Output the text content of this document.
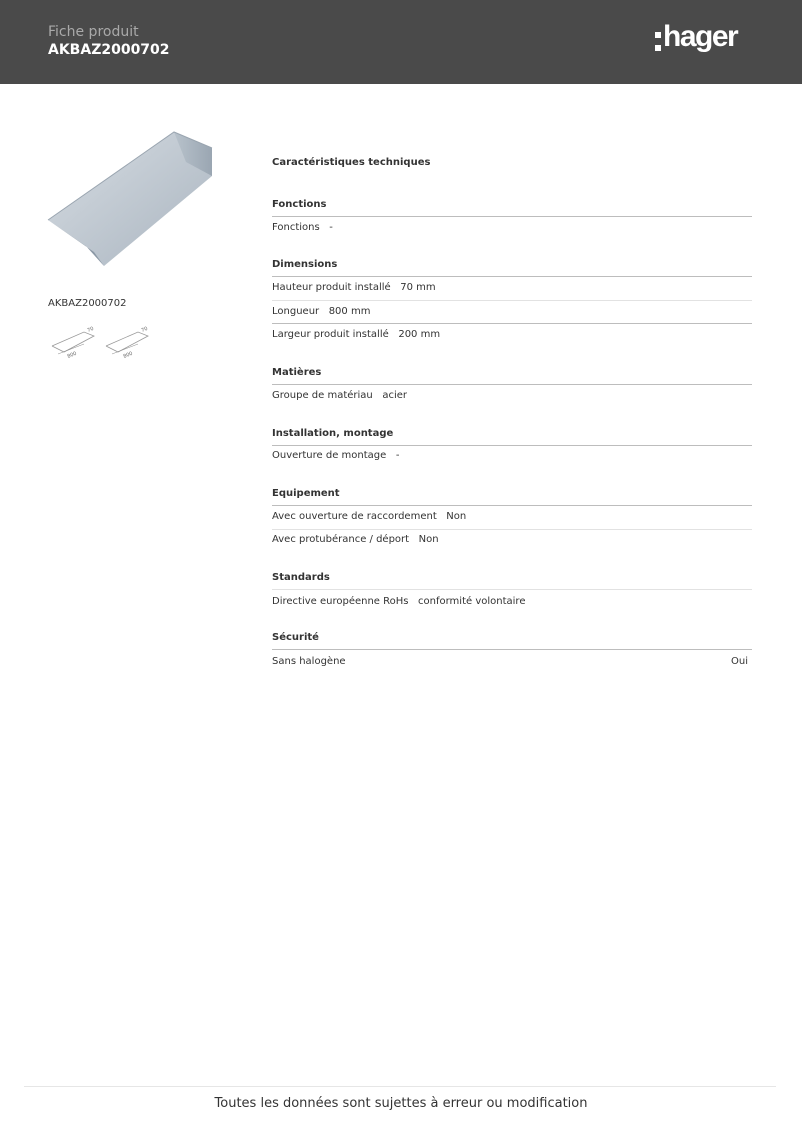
Fiche produit
AKBAZ2000702	hager
AKBAZ2000702
800
70
800
70
Caractéristiques techniques
Fonctions
Fonctions -
Dimensions
Hauteur produit installé 70 mm
Longueur 800 mm
Largeur produit installé 200 mm
Matières
Groupe de matériau acier
Installation, montage
Ouverture de montage -
Equipement
Avec ouverture de raccordement Non
Avec protubérance / déport Non
Standards
Directive européenne RoHs conformité volontaire
Sécurité
Sans halogène	Oui
Toutes les données sont sujettes à erreur ou modification
